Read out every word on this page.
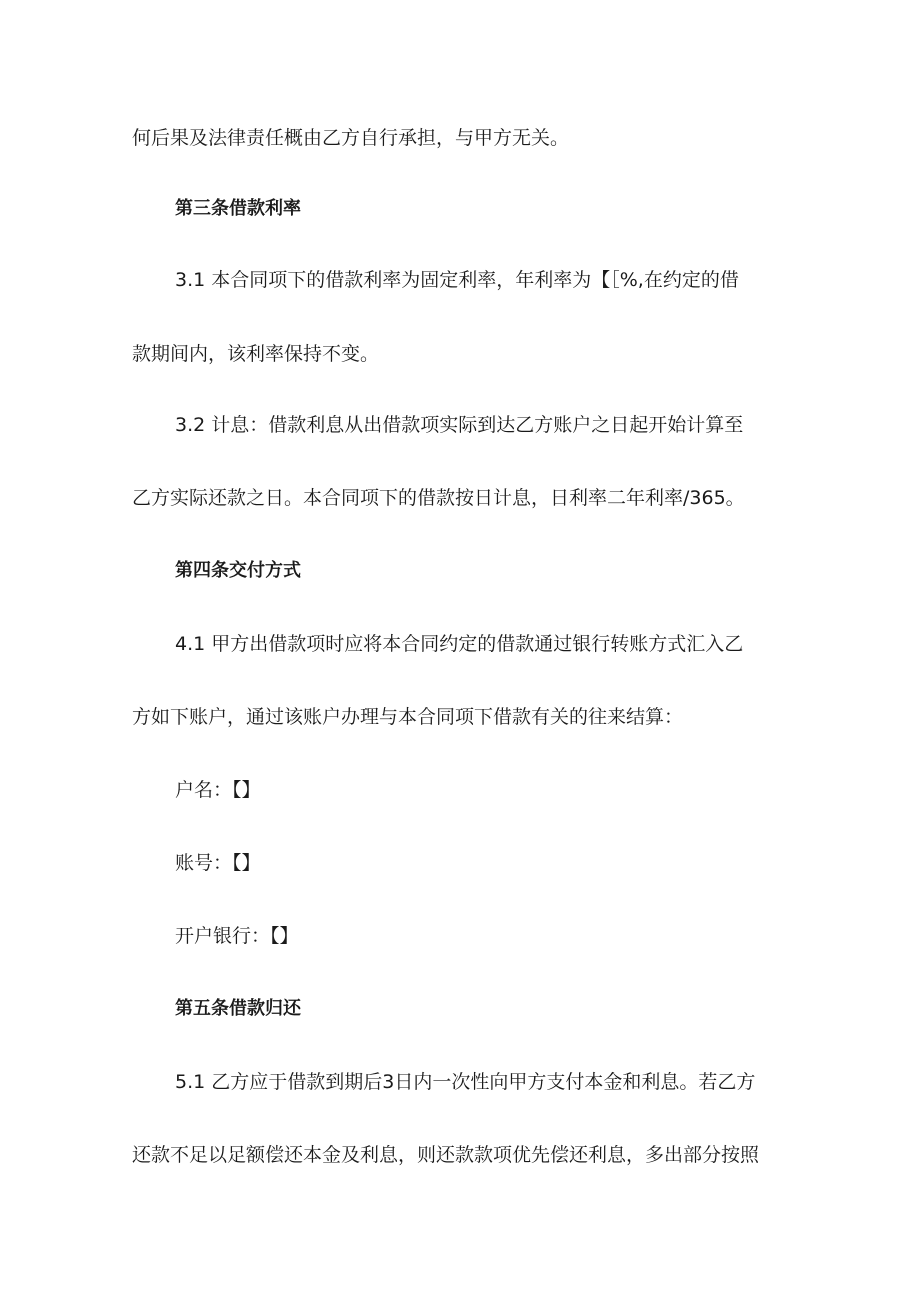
何后果及法律责任概由乙方自行承担，与甲方无关。
第三条借款利率
3.1 本合同项下的借款利率为固定利率，年利率为【［%,在约定的借
款期间内，该利率保持不变。
3.2 计息：借款利息从出借款项实际到达乙方账户之日起开始计算至
乙方实际还款之日。本合同项下的借款按日计息，日利率二年利率/365。
第四条交付方式
4.1 甲方出借款项时应将本合同约定的借款通过银行转账方式汇入乙
方如下账户，通过该账户办理与本合同项下借款有关的往来结算：
户名：【】
账号：【】
开户银行：【】
第五条借款归还
5.1 乙方应于借款到期后3日内一次性向甲方支付本金和利息。若乙方
还款不足以足额偿还本金及利息，则还款款项优先偿还利息，多出部分按照
